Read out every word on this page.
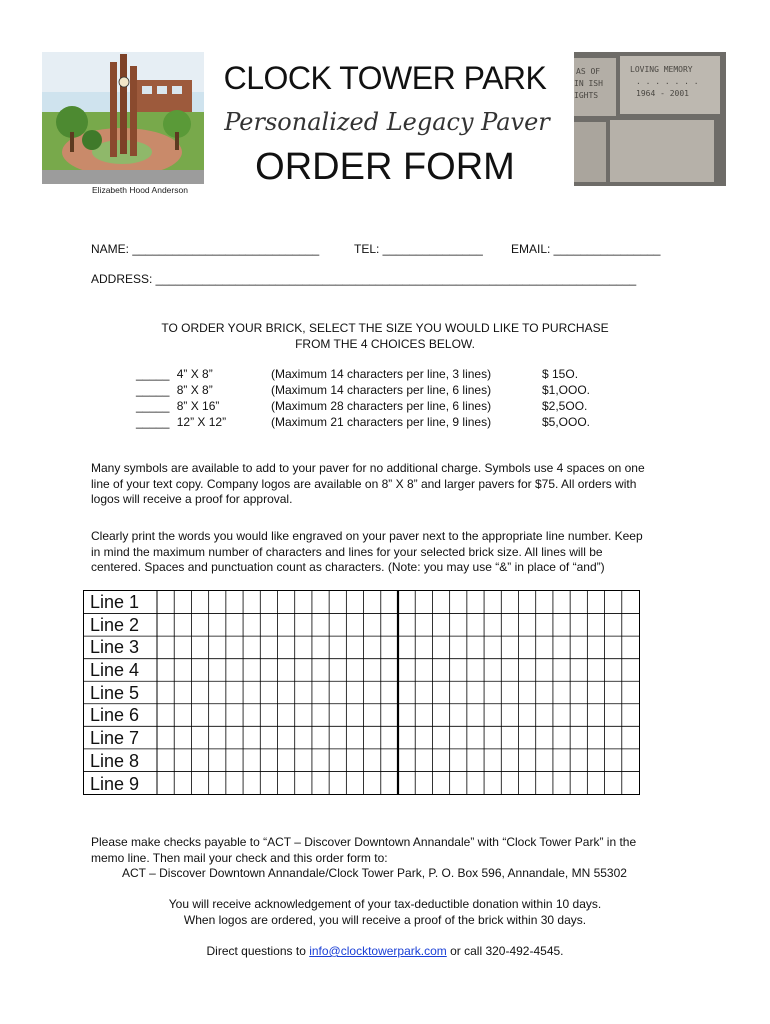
Elizabeth Hood Anderson
CLOCK TOWER PARK
Personalized Legacy Paver
ORDER FORM
AS OF
IN ISH
IGHTS
LOVING MEMORY
. . . . . . .
1964 - 2001
NAME: ____________________________	TEL: _______________ EMAIL: ________________
ADDRESS: ________________________________________________________________________
TO ORDER YOUR BRICK, SELECT THE SIZE YOU WOULD LIKE TO PURCHASE
FROM THE 4 CHOICES BELOW.
_____ 4” X 8”	(Maximum 14 characters per line, 3 lines)	$ 15O.
_____ 8” X 8”	(Maximum 14 characters per line, 6 lines)	$1,OOO.
_____ 8” X 16”	(Maximum 28 characters per line, 6 lines)	$2,5OO.
_____ 12” X 12”	(Maximum 21 characters per line, 9 lines)	$5,OOO.
Many symbols are available to add to your paver for no additional charge. Symbols use 4 spaces on one
line of your text copy. Company logos are available on 8” X 8” and larger pavers for $75. All orders with
logos will receive a proof for approval.
Clearly print the words you would like engraved on your paver next to the appropriate line number. Keep
in mind the maximum number of characters and lines for your selected brick size. All lines will be
centered. Spaces and punctuation count as characters. (Note: you may use “&” in place of “and”)
Line 1
Line 2
Line 3
Line 4
Line 5
Line 6
Line 7
Line 8
Line 9
Please make checks payable to “ACT – Discover Downtown Annandale” with “Clock Tower Park” in the
memo line. Then mail your check and this order form to:
ACT – Discover Downtown Annandale/Clock Tower Park, P. O. Box 596, Annandale, MN 55302
You will receive acknowledgement of your tax-deductible donation within 10 days.
When logos are ordered, you will receive a proof of the brick within 30 days.
Direct questions to info@clocktowerpark.com or call 320-492-4545.
